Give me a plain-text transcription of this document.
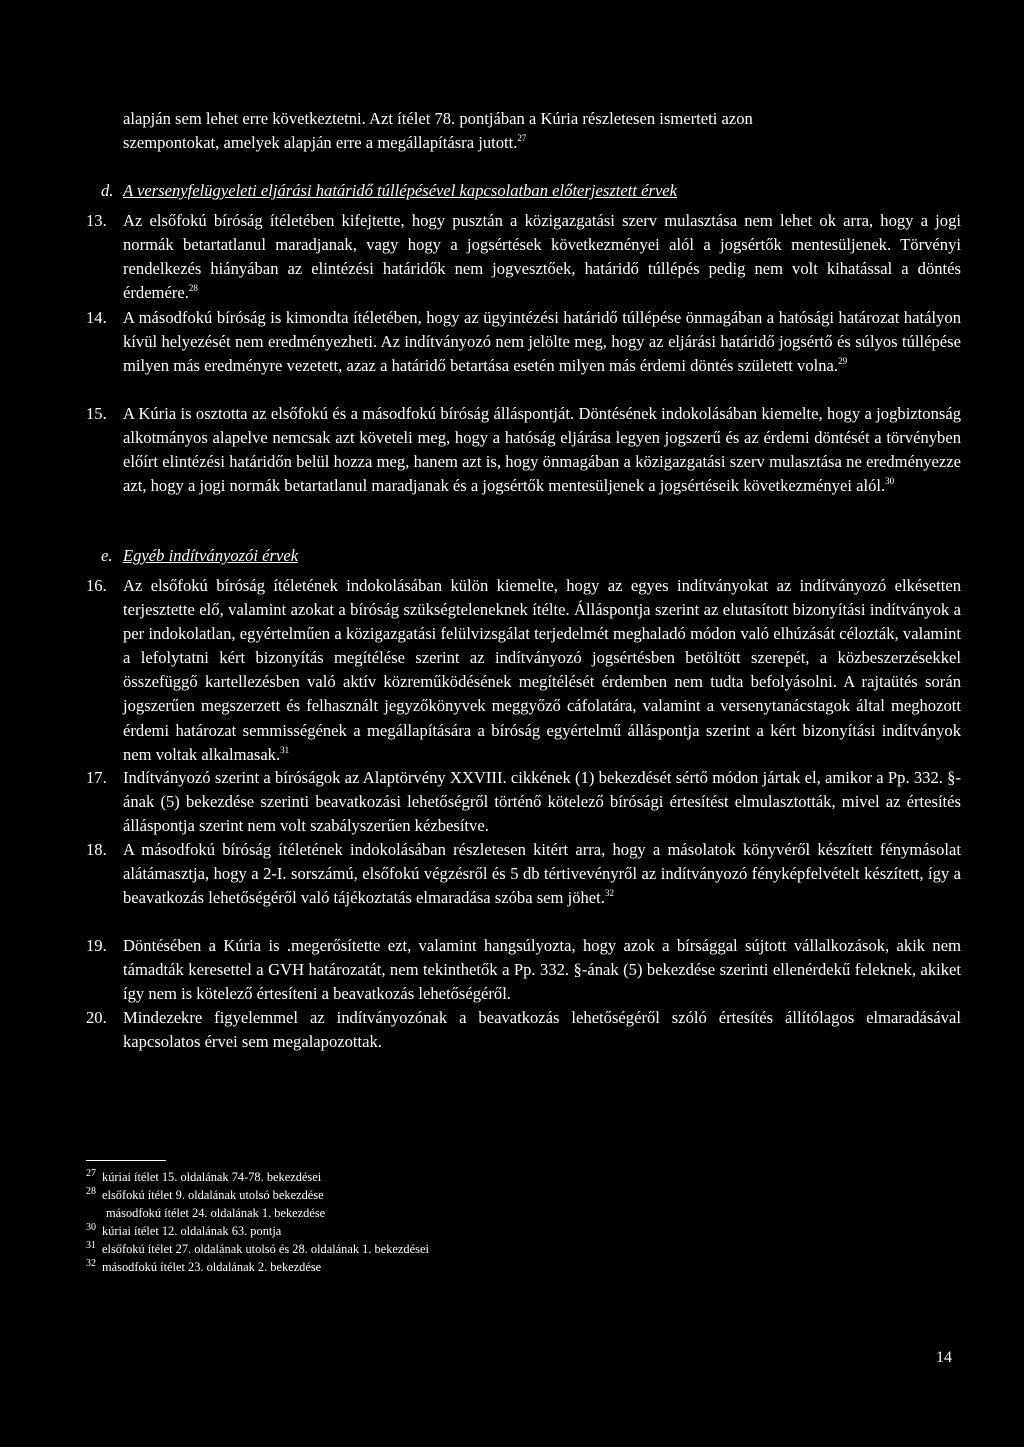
alapján sem lehet erre következtetni. Azt ítélet 78. pontjában a Kúria részletesen ismerteti azon

szempontokat, amelyek alapján erre a megállapításra jutott.$^{27}$

d. A versenyfelügyeleti eljárási határidő túllépésével kapcsolatban előterjesztett érvek
13. Az elsőfokú bíróság ítéletében kifejtette, hogy pusztán a közigazgatási szerv mulasztása nem lehet ok arra, hogy a jogi normák betartatlanul maradjanak, vagy hogy a jogsértések következményei alól a jogsértők mentesüljenek. Törvényi rendelkezés hiányában az elintézési határidők nem jogvesztőek, határidő túllépés pedig nem volt kihatással a döntés érdemére.$^{28}$
14. A másodfokú bíróság is kimondta ítéletében, hogy az ügyintézési határidő túllépése önmagában a hatósági határozat hatályon kívül helyezését nem eredményezheti. Az indítványozó nem jelölte meg, hogy az eljárási határidő jogsértő és súlyos túllépése milyen más eredményre vezetett, azaz a határidő betartása esetén milyen más érdemi döntés született volna.$^{29}$
15. A Kúria is osztotta az elsőfokú és a másodfokú bíróság álláspontját. Döntésének indokolásában kiemelte, hogy a jogbiztonság alkotmányos alapelve nemcsak azt követeli meg, hogy a hatóság eljárása legyen jogszerű és az érdemi döntését a törvényben előírt elintézési határidőn belül hozza meg, hanem azt is, hogy önmagában a közigazgatási szerv mulasztása ne eredményezze azt, hogy a jogi normák betartatlanul maradjanak és a jogsértők mentesüljenek a jogsértéseik következményei alól.$^{30}$
e. Egyéb indítványozói érvek
16. Az elsőfokú bíróság ítéletének indokolásában külön kiemelte, hogy az egyes indítványokat az indítványozó elkésetten terjesztette elő, valamint azokat a bíróság szükségteleneknek ítélte. Álláspontja szerint az elutasított bizonyítási indítványok a per indokolatlan, egyértelműen a közigazgatási felülvizsgálat terjedelmét meghaladó módon való elhúzását célozták, valamint a lefolytatni kért bizonyítás megítélése szerint az indítványozó jogsértésben betöltött szerepét, a közbeszerzésekkel összefüggő kartellezésben való aktív közreműködésének megítélését érdemben nem tudta befolyásolni. A rajtaütés során jogszerűen megszerzett és felhasznált jegyzőkönyvek meggyőző cáfolatára, valamint a versenytanácstagok által meghozott érdemi határozat semmisségének a megállapítására a bíróság egyértelmű álláspontja szerint a kért bizonyítási indítványok nem voltak alkalmasak.$^{31}$
17. Indítványozó szerint a bíróságok az Alaptörvény XXVIII. cikkének (1) bekezdését sértő módon jártak el, amikor a Pp. 332. §-ának (5) bekezdése szerinti beavatkozási lehetőségről történő kötelező bírósági értesítést elmulasztották, mivel az értesítés álláspontja szerint nem volt szabályszerűen kézbesítve.
18. A másodfokú bíróság ítéletének indokolásában részletesen kitért arra, hogy a másolatok könyvéről készített fénymásolat alátámasztja, hogy a 2-I. sorszámú, elsőfokú végzésről és 5 db tértivevényről az indítványozó fényképfelvételt készített, így a beavatkozás lehetőségéről való tájékoztatás elmaradása szóba sem jöhet.$^{32}$
19. Döntésében a Kúria is .megerősítette ezt, valamint hangsúlyozta, hogy azok a bírsággal sújtott vállalkozások, akik nem támadták keresettel a GVH határozatát, nem tekinthetők a Pp. 332. §-ának (5) bekezdése szerinti ellenérdekű feleknek, akiket így nem is kötelező értesíteni a beavatkozás lehetőségéről.
20. Mindezekre figyelemmel az indítványozónak a beavatkozás lehetőségéről szóló értesítés állítólagos elmaradásával kapcsolatos érvei sem megalapozottak.
27 kúriai ítélet 15. oldalának 74-78. bekezdései
28 elsőfokú ítélet 9. oldalának utolsó bekezdése
másodfokú ítélet 24. oldalának 1. bekezdése
30 kúriai ítélet 12. oldalának 63. pontja
31 elsőfokú ítélet 27. oldalának utolsó és 28. oldalának 1. bekezdései
32 másodfokú ítélet 23. oldalának 2. bekezdése
14
